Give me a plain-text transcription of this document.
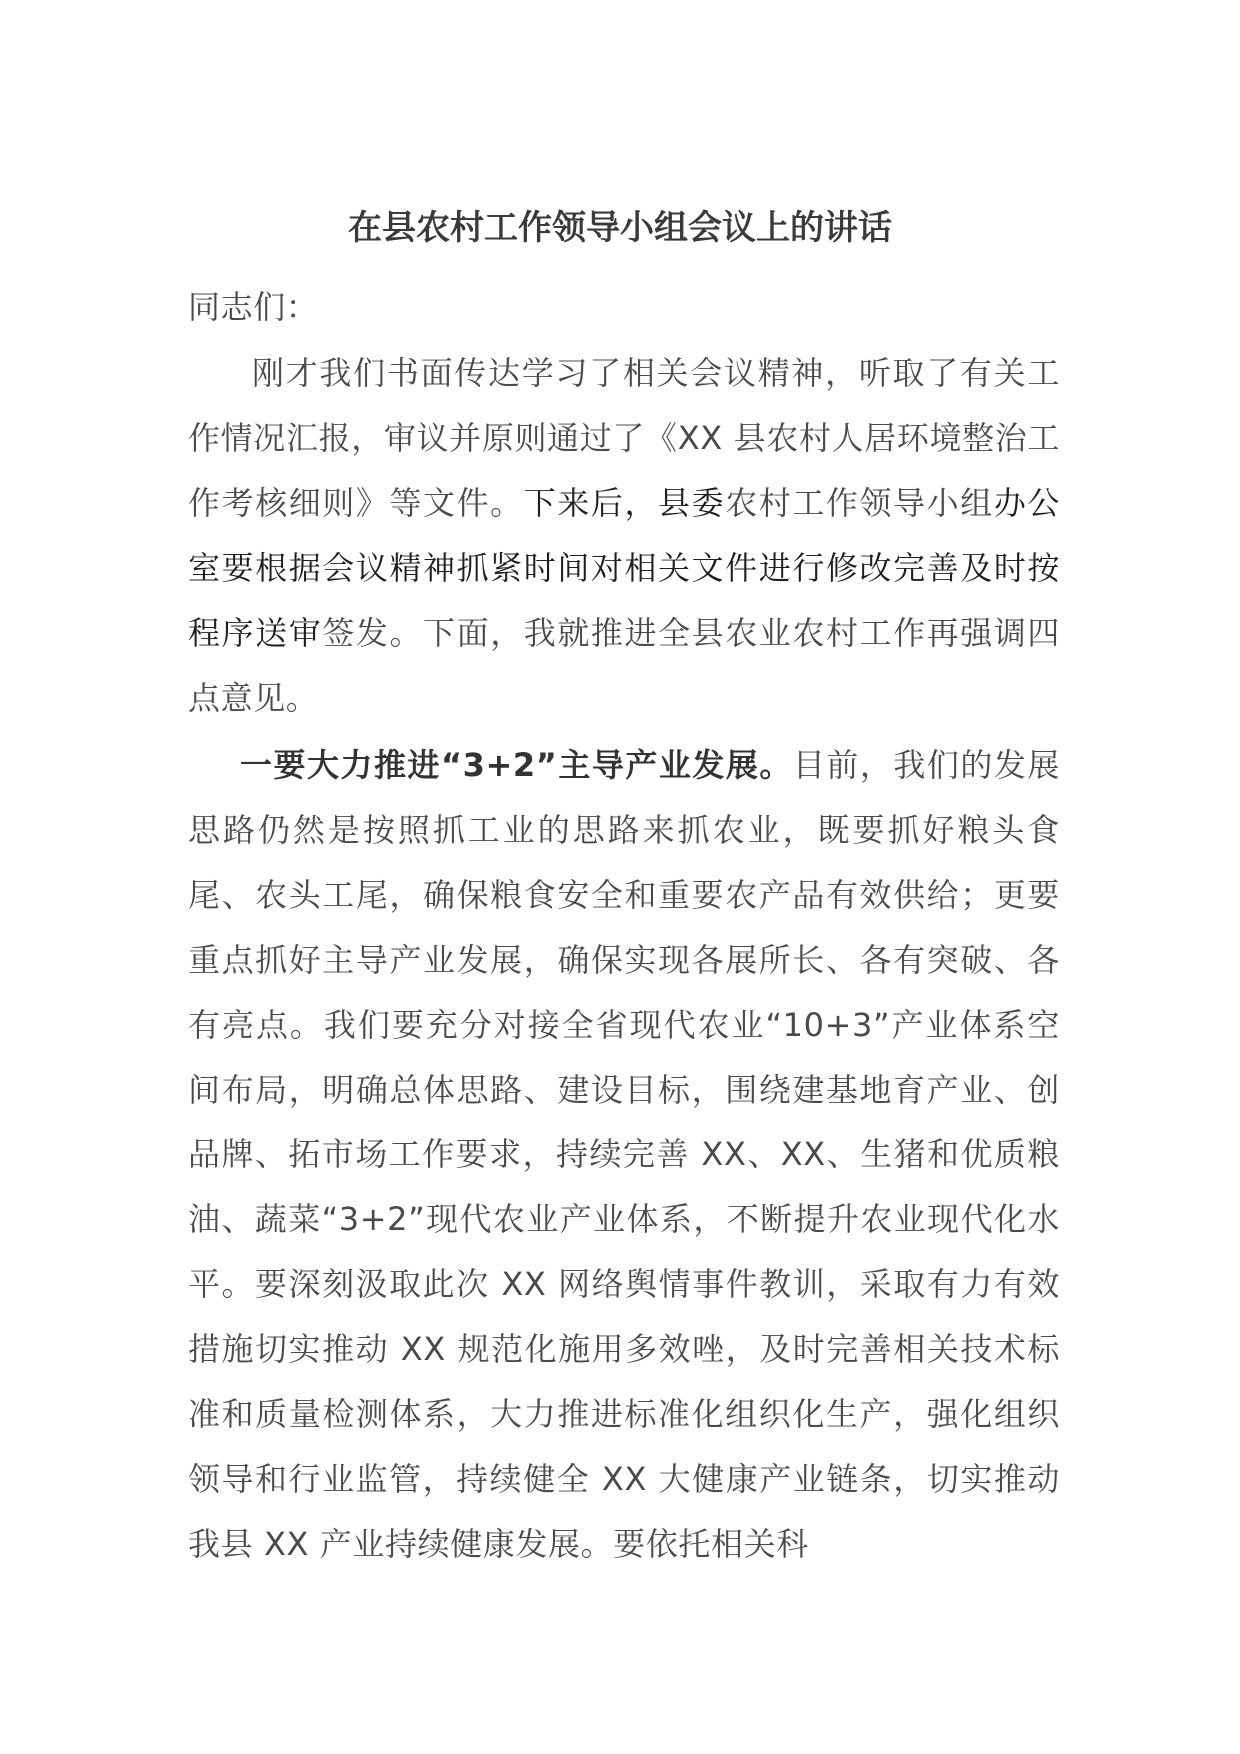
在县农村工作领导小组会议上的讲话

同志们：

刚才我们书面传达学习了相关会议精神，听取了有关工作情况汇报，审议并原则通过了《XX 县农村人居环境整治工作考核细则》等文件。下来后，县委农村工作领导小组办公室要根据会议精神抓紧时间对相关文件进行修改完善及时按程序送审签发。下面，我就推进全县农业农村工作再强调四点意见。

一要大力推进“3+2”主导产业发展。目前，我们的发展思路仍然是按照抓工业的思路来抓农业，既要抓好粮头食尾、农头工尾，确保粮食安全和重要农产品有效供给；更要重点抓好主导产业发展，确保实现各展所长、各有突破、各有亮点。我们要充分对接全省现代农业“10+3”产业体系空间布局，明确总体思路、建设目标，围绕建基地育产业、创品牌、拓市场工作要求，持续完善 XX、XX、生猪和优质粮油、蔬菜“3+2”现代农业产业体系，不断提升农业现代化水平。要深刻汲取此次 XX 网络舆情事件教训，采取有力有效措施切实推动 XX 规范化施用多效唑，及时完善相关技术标准和质量检测体系，大力推进标准化组织化生产，强化组织领导和行业监管，持续健全 XX 大健康产业链条，切实推动我县 XX 产业持续健康发展。要依托相关科
